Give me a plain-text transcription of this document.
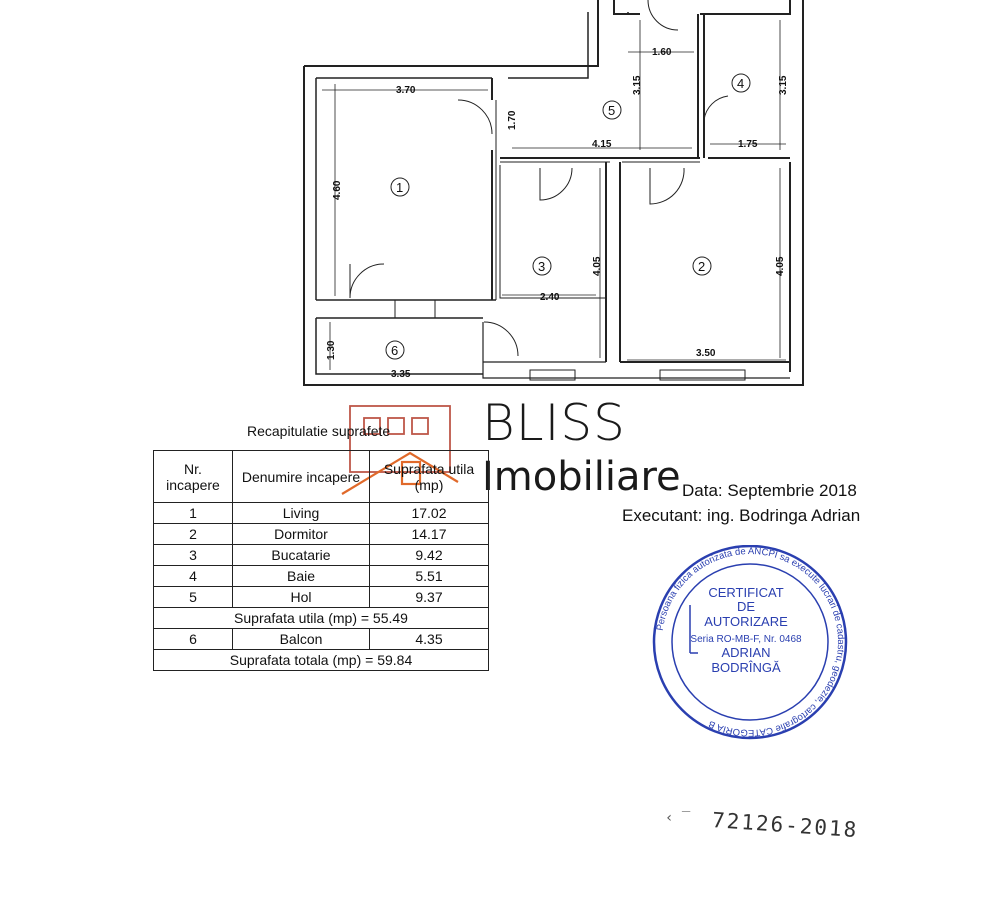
3.70
1.70
1.60
3.15	3.15
4.15	1.75
4.60
4.05	4.05
2.40
3.50
1.30
3.35
1
2
3
4
5
6
BLISS
Imobiliare
Recapitulatie suprafete
Nr. incapere	Denumire incapere	Suprafata utila (mp)
1	Living	17.02
2	Dormitor	14.17
3	Bucatarie	9.42
4	Baie	5.51
5	Hol	9.37
Suprafata utila (mp) = 55.49		
6	Balcon	4.35
Suprafata totala (mp) = 59.84		
Data: Septembrie 2018
Executant: ing. Bodringa Adrian
Persoana fizica autorizata de ANCPI sa execute lucrari de cadastru, geodezie, cartografie CATEGORIA B
CERTIFICAT
DE
AUTORIZARE
Seria RO-MB-F, Nr. 0468
ADRIAN
BODRÎNGĂ
‹ ‾ 72126-2018
